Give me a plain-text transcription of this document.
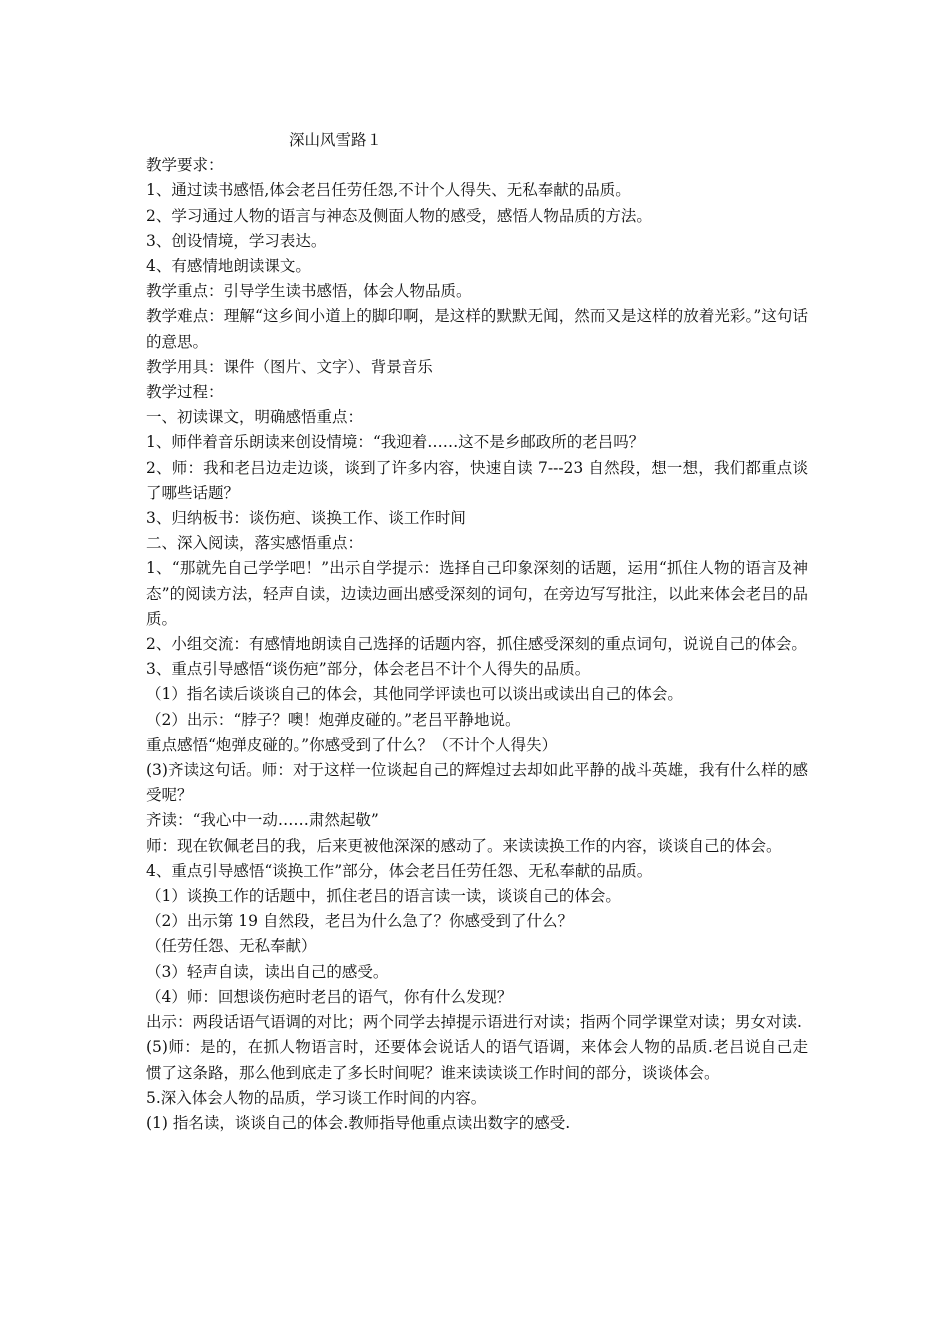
深山风雪路１
教学要求：
1、通过读书感悟,体会老吕任劳任怨,不计个人得失、无私奉献的品质。
2、学习通过人物的语言与神态及侧面人物的感受，感悟人物品质的方法。
3、创设情境，学习表达。
4、有感情地朗读课文。
教学重点：引导学生读书感悟，体会人物品质。
教学难点：理解“这乡间小道上的脚印啊，是这样的默默无闻，然而又是这样的放着光彩。”这句话的意思。
教学用具：课件（图片、文字）、背景音乐
教学过程：
一、初读课文，明确感悟重点：
1、师伴着音乐朗读来创设情境：“我迎着……这不是乡邮政所的老吕吗？
2、师：我和老吕边走边谈，谈到了许多内容，快速自读 7---23 自然段，想一想，我们都重点谈了哪些话题？
3、归纳板书：谈伤疤、谈换工作、谈工作时间
二、深入阅读，落实感悟重点：
1、“那就先自己学学吧！”出示自学提示：选择自己印象深刻的话题，运用“抓住人物的语言及神态”的阅读方法，轻声自读，边读边画出感受深刻的词句，在旁边写写批注，以此来体会老吕的品质。
2、小组交流：有感情地朗读自己选择的话题内容，抓住感受深刻的重点词句，说说自己的体会。
3、重点引导感悟“谈伤疤”部分，体会老吕不计个人得失的品质。
（1）指名读后谈谈自己的体会，其他同学评读也可以谈出或读出自己的体会。
（2）出示：“脖子？噢！炮弹皮碰的。”老吕平静地说。
重点感悟“炮弹皮碰的。”你感受到了什么？（不计个人得失）
(3)齐读这句话。师：对于这样一位谈起自己的辉煌过去却如此平静的战斗英雄，我有什么样的感受呢？
齐读：“我心中一动……肃然起敬”
师：现在钦佩老吕的我，后来更被他深深的感动了。来读读换工作的内容，谈谈自己的体会。
4、重点引导感悟“谈换工作”部分，体会老吕任劳任怨、无私奉献的品质。
（1）谈换工作的话题中，抓住老吕的语言读一读，谈谈自己的体会。
（2）出示第 19 自然段，老吕为什么急了？你感受到了什么？
（任劳任怨、无私奉献）
（3）轻声自读，读出自己的感受。
（4）师：回想谈伤疤时老吕的语气，你有什么发现？
出示：两段话语气语调的对比；两个同学去掉提示语进行对读；指两个同学课堂对读；男女对读.
(5)师：是的，在抓人物语言时，还要体会说话人的语气语调，来体会人物的品质.老吕说自己走惯了这条路，那么他到底走了多长时间呢？谁来读读谈工作时间的部分，谈谈体会。
5.深入体会人物的品质，学习谈工作时间的内容。
(1) 指名读，谈谈自己的体会.教师指导他重点读出数字的感受.
